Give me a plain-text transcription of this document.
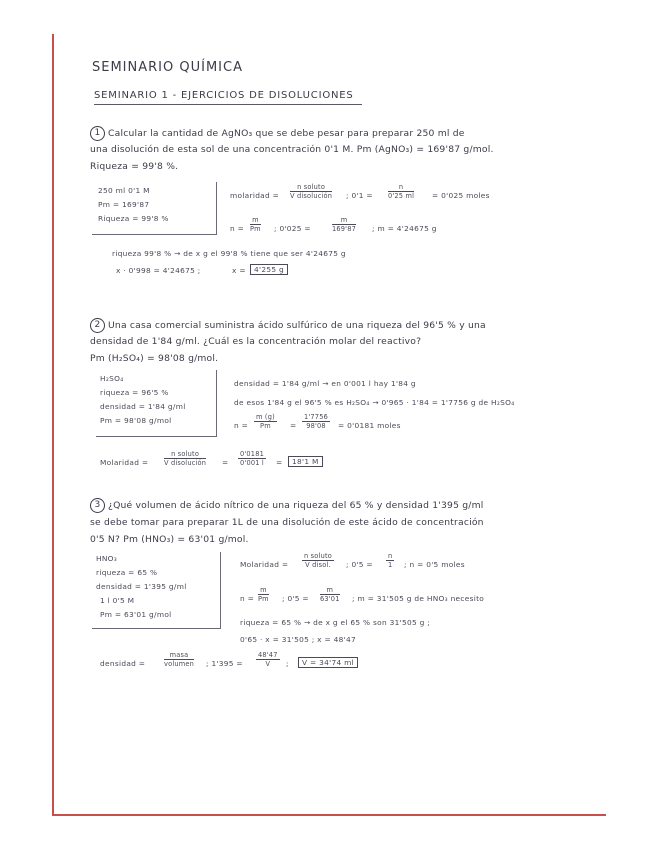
SEMINARIO QUÍMICA
SEMINARIO 1 - EJERCICIOS DE DISOLUCIONES
1 Calcular la cantidad de AgNO₃ que se debe pesar para preparar 250 ml de
una disolución de esta sol de una concentración 0'1 M. Pm (AgNO₃) = 169'87 g/mol.
Riqueza = 99'8 %.
250 ml 0'1 M
Pm = 169'87
Riqueza = 99'8 %
molaridad =
n soluto
V disolución ; $0'1 = \frac{n}{0'25 ml} = 0'025$ moles
$n = \frac{m}{Pm}$ ; 0'025 =	$\frac{m}{169'87}$ ; m = 4'24675 g
riqueza 99'8 % → de x g el 99'8 % tiene que ser 4'24675 g
x · 0'998 = 4'24675 ;	x =	4'255 g
2 Una casa comercial suministra ácido sulfúrico de una riqueza del 96'5 % y una
densidad de 1'84 g/ml. ¿Cuál es la concentración molar del reactivo?
Pm (H₂SO₄) = 98'08 g/mol.
H₂SO₄
riqueza = 96'5 %
densidad = 1'84 g/ml
Pm = 98'08 g/mol
densidad = 1'84 g/ml → en 0'001 l hay 1'84 g
de esos 1'84 g el 96'5 % es H₂SO₄ → 0'965 · 1'84 = 1'7756 g de H₂SO₄
$n = \frac{m (g)}{Pm} = \frac{1'7756}{98'08} = 0'0181$ moles
Molaridad =
n soluto
V disolución = $\frac{0'0181}{0'001 l}$ =	18'1 M
3 ¿Qué volumen de ácido nítrico de una riqueza del 65 % y densidad 1'395 g/ml
se debe tomar para preparar 1L de una disolución de este ácido de concentración
0'5 N? Pm (HNO₃) = 63'01 g/mol.
HNO₃
riqueza = 65 %
densidad = 1'395 g/ml
1 l 0'5 M
Pm = 63'01 g/mol
Molaridad =
n soluto
V disol.	; $0'5 = \frac{n}{1}$ ; n = 0'5 moles
$n = \frac{m}{Pm}$ ; $0'5 = \frac{m}{63'01}$ ; m = 31'505 g de HNO₃ necesito
riqueza = 65 % → de x g el 65 % son 31'505 g ;
0'65 · x = 31'505 ; x = 48'47
densidad =
masa
volumen ; $1'395 = \frac{48'47}{V}$ ;	V = 34'74 ml
